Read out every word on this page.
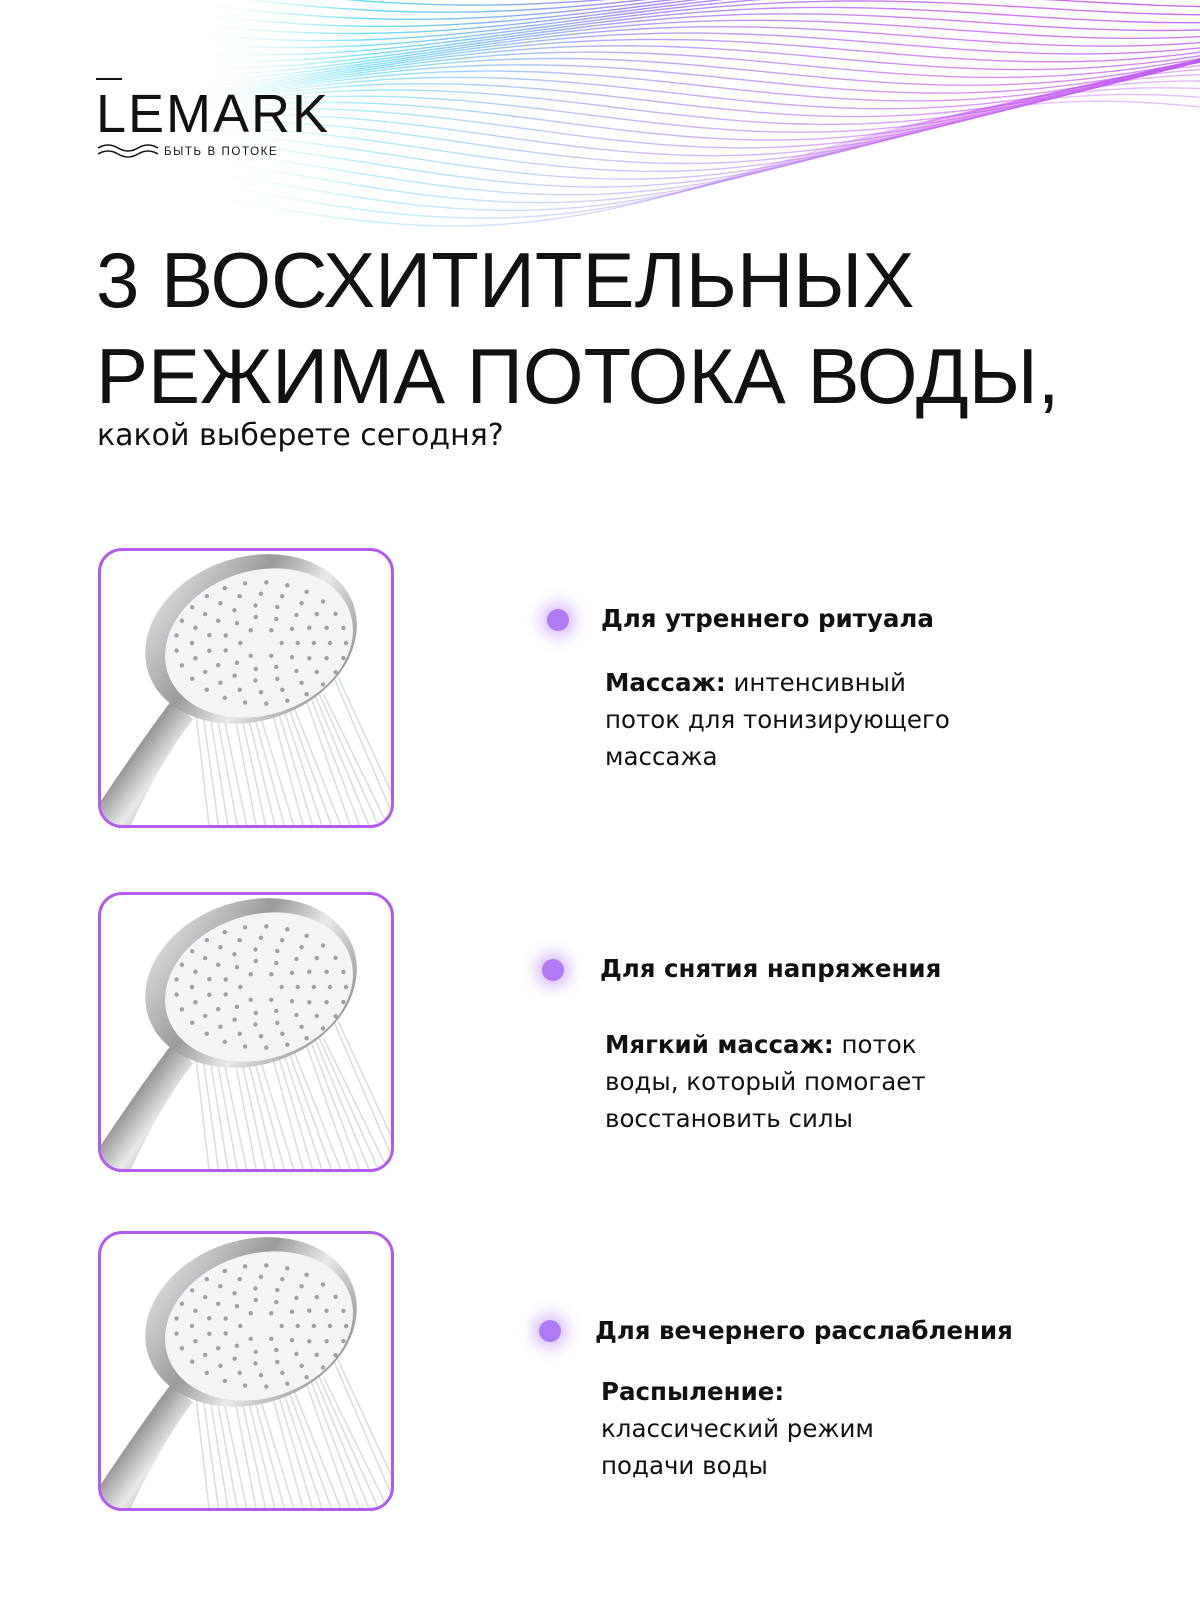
LEMARK
БЫТЬ В ПОТОКЕ
3 ВОСХИТИТЕЛЬНЫХ
РЕЖИМА ПОТОКА ВОДЫ,

какой выберете сегодня?

Для утреннего ритуала

Массаж: интенсивный поток для тонизирующего массажа

Для снятия напряжения

Мягкий массаж: поток воды, который помогает восстановить силы

Для вечернего расслабления

Распыление:
классический режим подачи воды
